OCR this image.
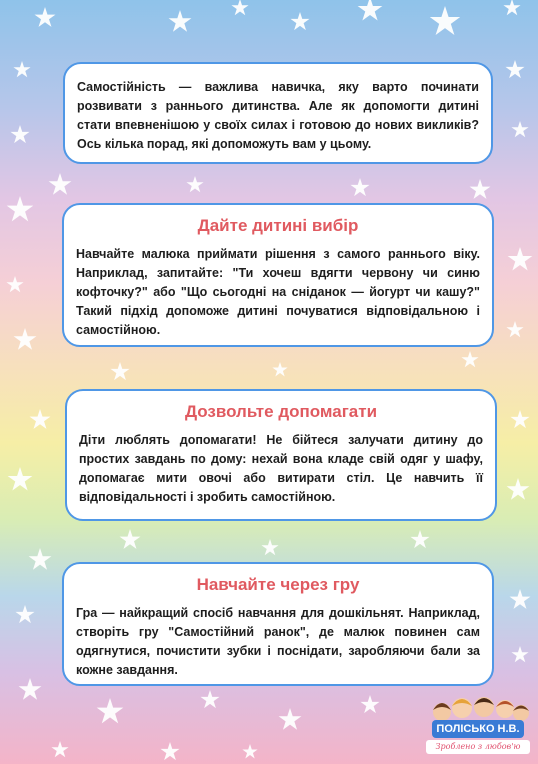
Самостійність — важлива навичка, яку варто починати розвивати з раннього дитинства. Але як допомогти дитині стати впевненішою у своїх силах і готовою до нових викликів? Ось кілька порад, які допоможуть вам у цьому.

Дайте дитині вибір

Навчайте малюка приймати рішення з самого раннього віку. Наприклад, запитайте: "Ти хочеш вдягти червону чи синю кофточку?" або "Що сьогодні на сніданок — йогурт чи кашу?" Такий підхід допоможе дитині почуватися відповідальною і самостійною.

Дозвольте допомагати

Діти люблять допомагати! Не бійтеся залучати дитину до простих завдань по дому: нехай вона кладе свій одяг у шафу, допомагає мити овочі або витирати стіл. Це навчить її відповідальності і зробить самостійною.

Навчайте через гру

Гра — найкращий спосіб навчання для дошкільнят. Наприклад, створіть гру "Самостійний ранок", де малюк повинен сам одягнутися, почистити зубки і поснідати, заробляючи бали за кожне завдання.

ПОЛІСЬКО Н.В.
Зроблено з любов'ю
